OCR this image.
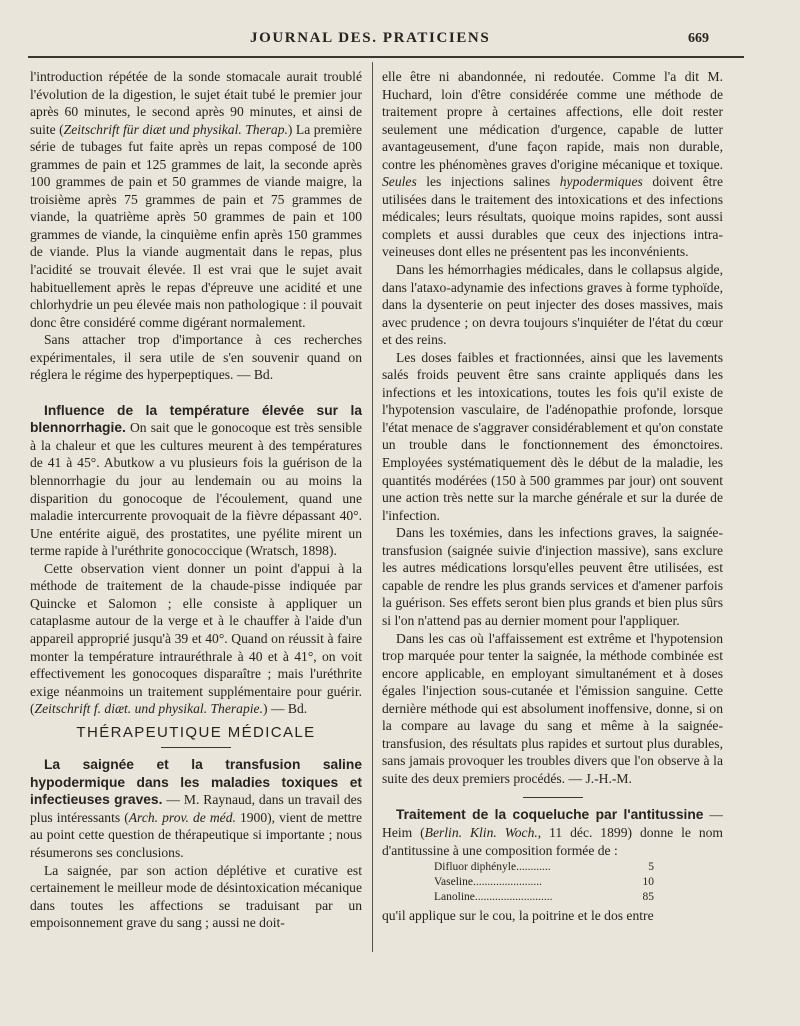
JOURNAL DES. PRATICIENS	669

l'introduction répétée de la sonde stomacale aurait troublé l'évolution de la digestion, le sujet était tubé le premier jour après 60 minutes, le second après 90 minutes, et ainsi de suite (Zeitschrift für diæt und physikal. Therap.) La première série de tubages fut faite après un repas composé de 100 grammes de pain et 125 grammes de lait, la seconde après 100 grammes de pain et 50 grammes de viande maigre, la troisième après 75 grammes de pain et 75 grammes de viande, la quatrième après 50 grammes de pain et 100 grammes de viande, la cinquième enfin après 150 grammes de viande. Plus la viande augmentait dans le repas, plus l'acidité se trouvait élevée. Il est vrai que le sujet avait habituellement après le repas d'épreuve une acidité et une chlorhydrie un peu élevée mais non pathologique : il pouvait donc être considéré comme digérant normalement.

Sans attacher trop d'importance à ces recherches expérimentales, il sera utile de s'en souvenir quand on réglera le régime des hyperpeptiques. — Bd.

Influence de la température élevée sur la blennorrhagie. On sait que le gonocoque est très sensible à la chaleur et que les cultures meurent à des températures de 41 à 45°. Abutkow a vu plusieurs fois la guérison de la blennorrhagie du jour au lendemain ou au moins la disparition du gonocoque de l'écoulement, quand une maladie intercurrente provoquait de la fièvre dépassant 40°. Une entérite aiguë, des prostatites, une pyélite mirent un terme rapide à l'uréthrite gonococcique (Wratsch, 1898).

Cette observation vient donner un point d'appui à la méthode de traitement de la chaude-pisse indiquée par Quincke et Salomon ; elle consiste à appliquer un cataplasme autour de la verge et à le chauffer à l'aide d'un appareil approprié jusqu'à 39 et 40°. Quand on réussit à faire monter la température intrauréthrale à 40 et à 41°, on voit effectivement les gonocoques disparaître ; mais l'uréthrite exige néanmoins un traitement supplémentaire pour guérir. (Zeitschrift f. diæt. und physikal. Therapie.) — Bd.

THÉRAPEUTIQUE MÉDICALE

La saignée et la transfusion saline hypodermique dans les maladies toxiques et infectieuses graves. — M. Raynaud, dans un travail des plus intéressants (Arch. prov. de méd. 1900), vient de mettre au point cette question de thérapeutique si importante ; nous résumerons ses conclusions.

La saignée, par son action déplétive et curative est certainement le meilleur mode de désintoxication mécanique dans toutes les affections se traduisant par un empoisonnement grave du sang ; aussi ne doit-

elle être ni abandonnée, ni redoutée. Comme l'a dit M. Huchard, loin d'être considérée comme une méthode de traitement propre à certaines affections, elle doit rester seulement une médication d'urgence, capable de lutter avantageusement, d'une façon rapide, mais non durable, contre les phénomènes graves d'origine mécanique et toxique. Seules les injections salines hypodermiques doivent être utilisées dans le traitement des intoxications et des infections médicales; leurs résultats, quoique moins rapides, sont aussi complets et aussi durables que ceux des injections intra-veineuses dont elles ne présentent pas les inconvénients.

Dans les hémorrhagies médicales, dans le collapsus algide, dans l'ataxo-adynamie des infections graves à forme typhoïde, dans la dysenterie on peut injecter des doses massives, mais avec prudence ; on devra toujours s'inquiéter de l'état du cœur et des reins.

Les doses faibles et fractionnées, ainsi que les lavements salés froids peuvent être sans crainte appliqués dans les infections et les intoxications, toutes les fois qu'il existe de l'hypotension vasculaire, de l'adénopathie profonde, lorsque l'état menace de s'aggraver considérablement et qu'on constate un trouble dans le fonctionnement des émonctoires. Employées systématiquement dès le début de la maladie, les quantités modérées (150 à 500 grammes par jour) ont souvent une action très nette sur la marche générale et sur la durée de l'infection.

Dans les toxémies, dans les infections graves, la saignée-transfusion (saignée suivie d'injection massive), sans exclure les autres médications lorsqu'elles peuvent être utilisées, est capable de rendre les plus grands services et d'amener parfois la guérison. Ses effets seront bien plus grands et bien plus sûrs si l'on n'attend pas au dernier moment pour l'appliquer.

Dans les cas où l'affaissement est extrême et l'hypotension trop marquée pour tenter la saignée, la méthode combinée est encore applicable, en employant simultanément et à doses égales l'injection sous-cutanée et l'émission sanguine. Cette dernière méthode qui est absolument inoffensive, donne, si on la compare au lavage du sang et même à la saignée-transfusion, des résultats plus rapides et surtout plus durables, sans jamais provoquer les troubles divers que l'on observe à la suite des deux premiers procédés. — J.-H.-M.

Traitement de la coqueluche par l'antitussine — Heim (Berlin. Klin. Woch., 11 déc. 1899) donne le nom d'antitussine à une composition formée de :

Difluor diphényle............	5
Vaseline........................	10
Lanoline...........................	85

qu'il applique sur le cou, la poitrine et le dos entre
